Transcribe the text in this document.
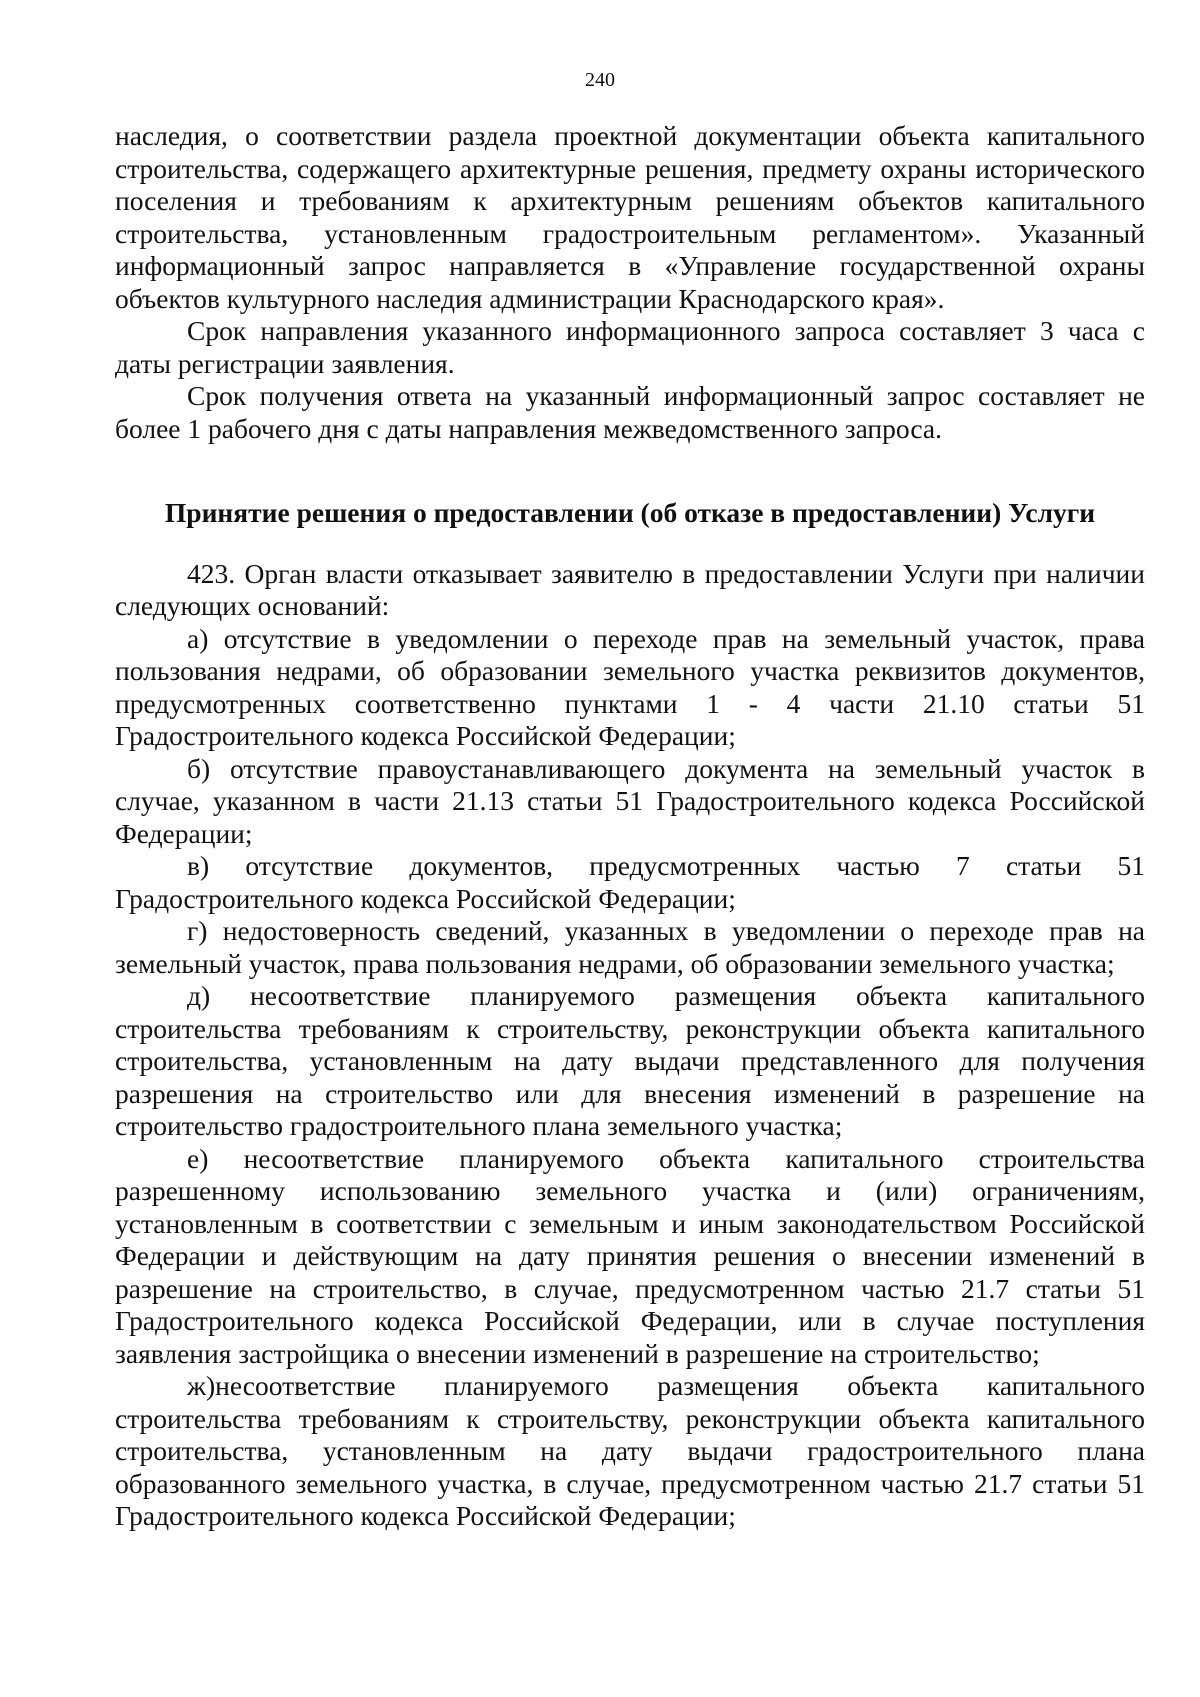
240

наследия, о соответствии раздела проектной документации объекта капитального строительства, содержащего архитектурные решения, предмету охраны исторического поселения и требованиям к архитектурным решениям объектов капитального строительства, установленным градостроительным регламентом». Указанный информационный запрос направляется в «Управление государственной охраны объектов культурного наследия администрации Краснодарского края».

Срок направления указанного информационного запроса составляет 3 часа с даты регистрации заявления.

Срок получения ответа на указанный информационный запрос составляет не более 1 рабочего дня с даты направления межведомственного запроса.

Принятие решения о предоставлении (об отказе в предоставлении) Услуги

423. Орган власти отказывает заявителю в предоставлении Услуги при наличии следующих оснований:

а) отсутствие в уведомлении о переходе прав на земельный участок, права пользования недрами, об образовании земельного участка реквизитов документов, предусмотренных соответственно пунктами 1 - 4 части 21.10 статьи 51 Градостроительного кодекса Российской Федерации;

б) отсутствие правоустанавливающего документа на земельный участок в случае, указанном в части 21.13 статьи 51 Градостроительного кодекса Российской Федерации;

в) отсутствие документов, предусмотренных частью 7 статьи 51 Градостроительного кодекса Российской Федерации;

г) недостоверность сведений, указанных в уведомлении о переходе прав на земельный участок, права пользования недрами, об образовании земельного участка;

д) несоответствие планируемого размещения объекта капитального строительства требованиям к строительству, реконструкции объекта капитального строительства, установленным на дату выдачи представленного для получения разрешения на строительство или для внесения изменений в разрешение на строительство градостроительного плана земельного участка;

е) несоответствие планируемого объекта капитального строительства разрешенному использованию земельного участка и (или) ограничениям, установленным в соответствии с земельным и иным законодательством Российской Федерации и действующим на дату принятия решения о внесении изменений в разрешение на строительство, в случае, предусмотренном частью 21.7 статьи 51 Градостроительного кодекса Российской Федерации, или в случае поступления заявления застройщика о внесении изменений в разрешение на строительство;

ж)несоответствие планируемого размещения объекта капитального строительства требованиям к строительству, реконструкции объекта капитального строительства, установленным на дату выдачи градостроительного плана образованного земельного участка, в случае, предусмотренном частью 21.7 статьи 51 Градостроительного кодекса Российской Федерации;
